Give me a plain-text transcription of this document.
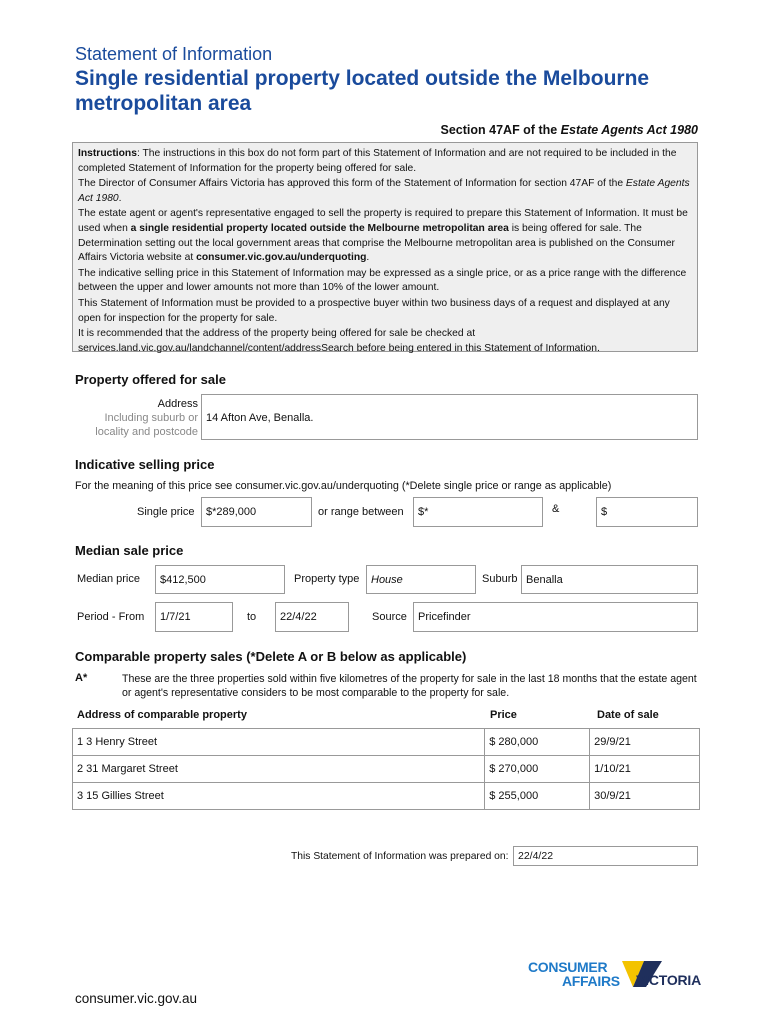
Statement of Information
Single residential property located outside the Melbourne metropolitan area
Section 47AF of the Estate Agents Act 1980

Instructions: The instructions in this box do not form part of this Statement of Information and are not required to be included in the completed Statement of Information for the property being offered for sale.

The Director of Consumer Affairs Victoria has approved this form of the Statement of Information for section 47AF of the Estate Agents Act 1980.

The estate agent or agent's representative engaged to sell the property is required to prepare this Statement of Information. It must be used when a single residential property located outside the Melbourne metropolitan area is being offered for sale. The Determination setting out the local government areas that comprise the Melbourne metropolitan area is published on the Consumer Affairs Victoria website at consumer.vic.gov.au/underquoting.

The indicative selling price in this Statement of Information may be expressed as a single price, or as a price range with the difference between the upper and lower amounts not more than 10% of the lower amount.

This Statement of Information must be provided to a prospective buyer within two business days of a request and displayed at any open for inspection for the property for sale.

It is recommended that the address of the property being offered for sale be checked at services.land.vic.gov.au/landchannel/content/addressSearch before being entered in this Statement of Information.

Property offered for sale
Address
Including suburb or
locality and postcode
14 Afton Ave, Benalla.
Indicative selling price
For the meaning of this price see consumer.vic.gov.au/underquoting (*Delete single price or range as applicable)
Single price	$*289,000	or range between	$*	&	$
Median sale price
Median price	$412,500	Property type	House	Suburb Benalla
Period - From	1/7/21	to	22/4/22	Source	Pricefinder
Comparable property sales (*Delete A or B below as applicable)
A*	These are the three properties sold within five kilometres of the property for sale in the last 18 months that the estate agent or agent's representative considers to be most comparable to the property for sale.
Address of comparable property	Price	Date of sale
1 3 Henry Street	$ 280,000	29/9/21
2 31 Margaret Street	$ 270,000	1/10/21
3 15 Gillies Street	$ 255,000	30/9/21
This Statement of Information was prepared on: 22/4/22
CONSUMER
AFFAIRS VICTORIA
consumer.vic.gov.au
